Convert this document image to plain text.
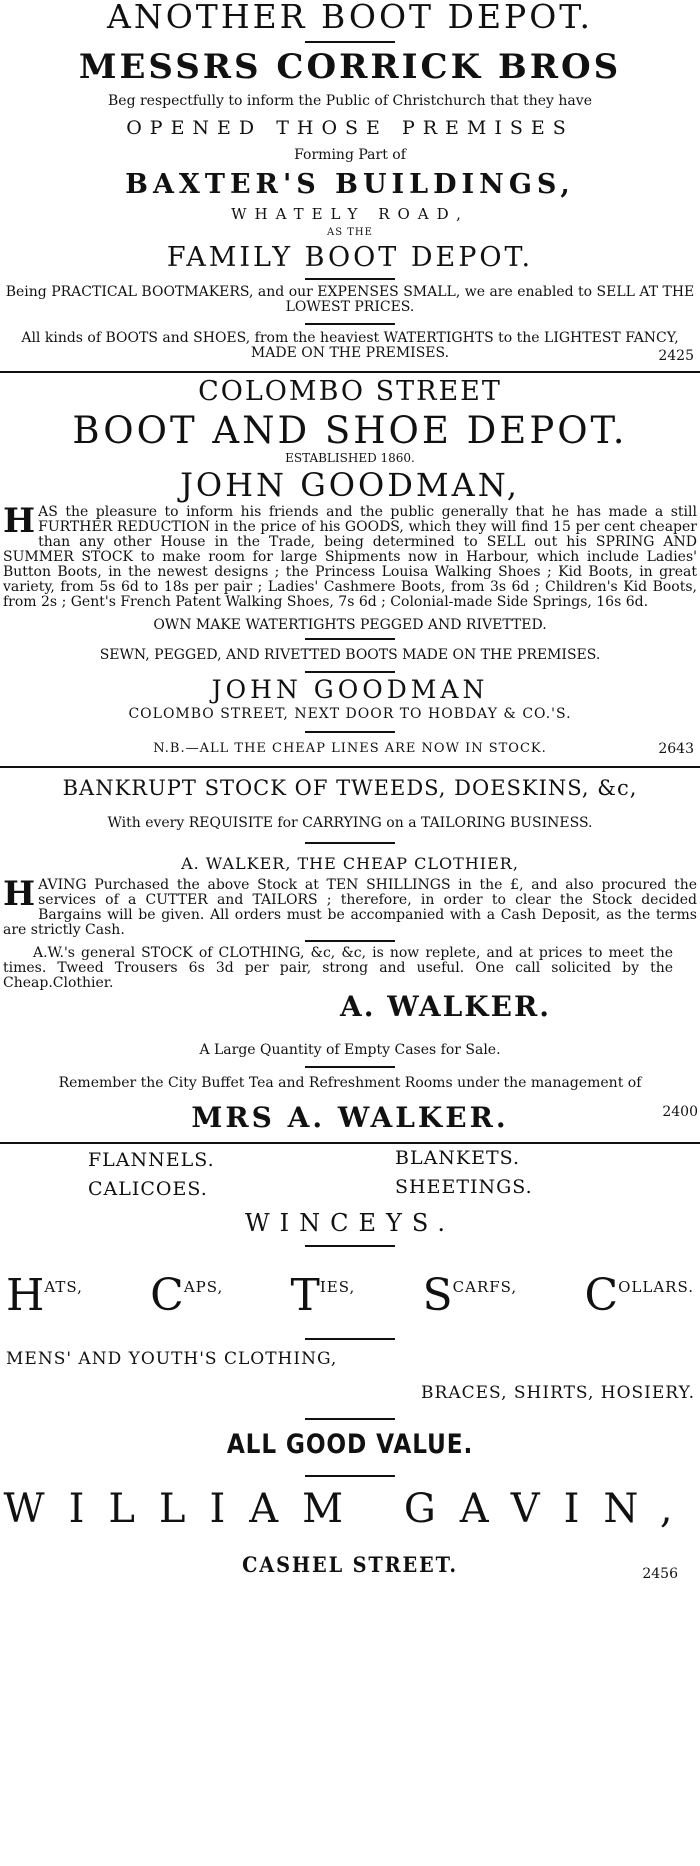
ANOTHER BOOT DEPOT.
MESSRS CORRICK BROS
Beg respectfully to inform the Public of Christchurch that they have
OPENED THOSE PREMISES
Forming Part of
BAXTER'S BUILDINGS,
WHATELY ROAD,
AS THE
FAMILY BOOT DEPOT.
Being PRACTICAL BOOTMAKERS, and our EXPENSES SMALL, we are enabled to SELL AT THE LOWEST PRICES.
All kinds of BOOTS and SHOES, from the heaviest WATERTIGHTS to the LIGHTEST FANCY, MADE ON THE PREMISES.	2425
COLOMBO STREET
BOOT AND SHOE DEPOT.
ESTABLISHED 1860.
JOHN GOODMAN,

HAS the pleasure to inform his friends and the public generally that he has made a still FURTHER REDUCTION in the price of his GOODS, which they will find 15 per cent cheaper than any other House in the Trade, being determined to SELL out his SPRING AND SUMMER STOCK to make room for large Shipments now in Harbour, which include Ladies' Button Boots, in the newest designs ; the Princess Louisa Walking Shoes ; Kid Boots, in great variety, from 5s 6d to 18s per pair ; Ladies' Cashmere Boots, from 3s 6d ; Children's Kid Boots, from 2s ; Gent's French Patent Walking Shoes, 7s 6d ; Colonial-made Side Springs, 16s 6d.

OWN MAKE WATERTIGHTS PEGGED AND RIVETTED.
SEWN, PEGGED, AND RIVETTED BOOTS MADE ON THE PREMISES.
JOHN GOODMAN
COLOMBO STREET, NEXT DOOR TO HOBDAY & CO.'S.
N.B.—ALL THE CHEAP LINES ARE NOW IN STOCK.	2643
BANKRUPT STOCK OF TWEEDS, DOESKINS, &c,
With every REQUISITE for CARRYING on a TAILORING BUSINESS.
A. WALKER, THE CHEAP CLOTHIER,

HAVING Purchased the above Stock at TEN SHILLINGS in the £, and also procured the services of a CUTTER and TAILORS ; therefore, in order to clear the Stock decided Bargains will be given. All orders must be accompanied with a Cash Deposit, as the terms are strictly Cash.

A.W.'s general STOCK of CLOTHING, &c, &c, is now replete, and at prices to meet the times. Tweed Trousers 6s 3d per pair, strong and useful. One call solicited by the Cheap.Clothier.

A. WALKER.
A Large Quantity of Empty Cases for Sale.
Remember the City Buffet Tea and Refreshment Rooms under the management of
MRS A. WALKER.	2400
FLANNELS.	BLANKETS.
CALICOES.	SHEETINGS.
WINCEYS.
HATS, CAPS, TIES, SCARFS, COLLARS.
MENS' AND YOUTH'S CLOTHING,
BRACES, SHIRTS, HOSIERY.
ALL GOOD VALUE.
WILLIAM GAVIN,
CASHEL STREET.	2456
